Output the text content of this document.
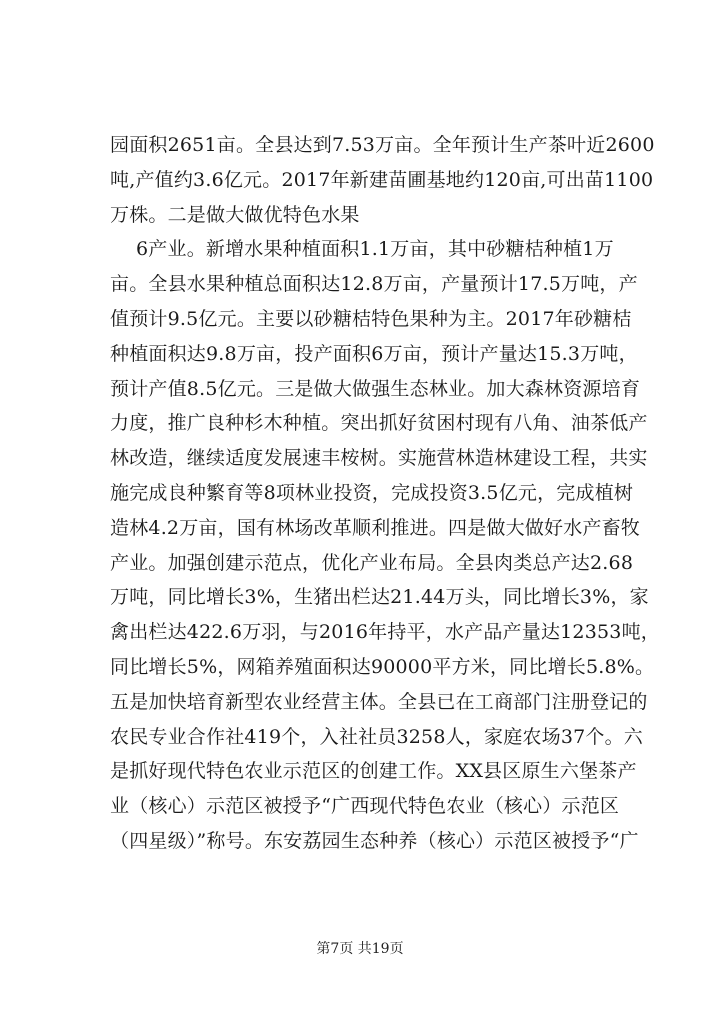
园面积2651亩。全县达到7.53万亩。全年预计生产茶叶近2600
吨,产值约3.6亿元。2017年新建苗圃基地约120亩,可出苗1100
万株。二是做大做优特色水果
6产业。新增水果种植面积1.1万亩，其中砂糖桔种植1万
亩。全县水果种植总面积达12.8万亩，产量预计17.5万吨，产
值预计9.5亿元。主要以砂糖桔特色果种为主。2017年砂糖桔
种植面积达9.8万亩，投产面积6万亩，预计产量达15.3万吨，
预计产值8.5亿元。三是做大做强生态林业。加大森林资源培育
力度，推广良种杉木种植。突出抓好贫困村现有八角、油茶低产
林改造，继续适度发展速丰桉树。实施营林造林建设工程，共实
施完成良种繁育等8项林业投资，完成投资3.5亿元，完成植树
造林4.2万亩，国有林场改革顺利推进。四是做大做好水产畜牧
产业。加强创建示范点，优化产业布局。全县肉类总产达2.68
万吨，同比增长3%，生猪出栏达21.44万头，同比增长3%，家
禽出栏达422.6万羽，与2016年持平，水产品产量达12353吨，
同比增长5%，网箱养殖面积达90000平方米，同比增长5.8%。
五是加快培育新型农业经营主体。全县已在工商部门注册登记的
农民专业合作社419个，入社社员3258人，家庭农场37个。六
是抓好现代特色农业示范区的创建工作。XX县区原生六堡茶产
业（核心）示范区被授予“广西现代特色农业（核心）示范区
（四星级）”称号。东安荔园生态种养（核心）示范区被授予“广
第7页 共19页
